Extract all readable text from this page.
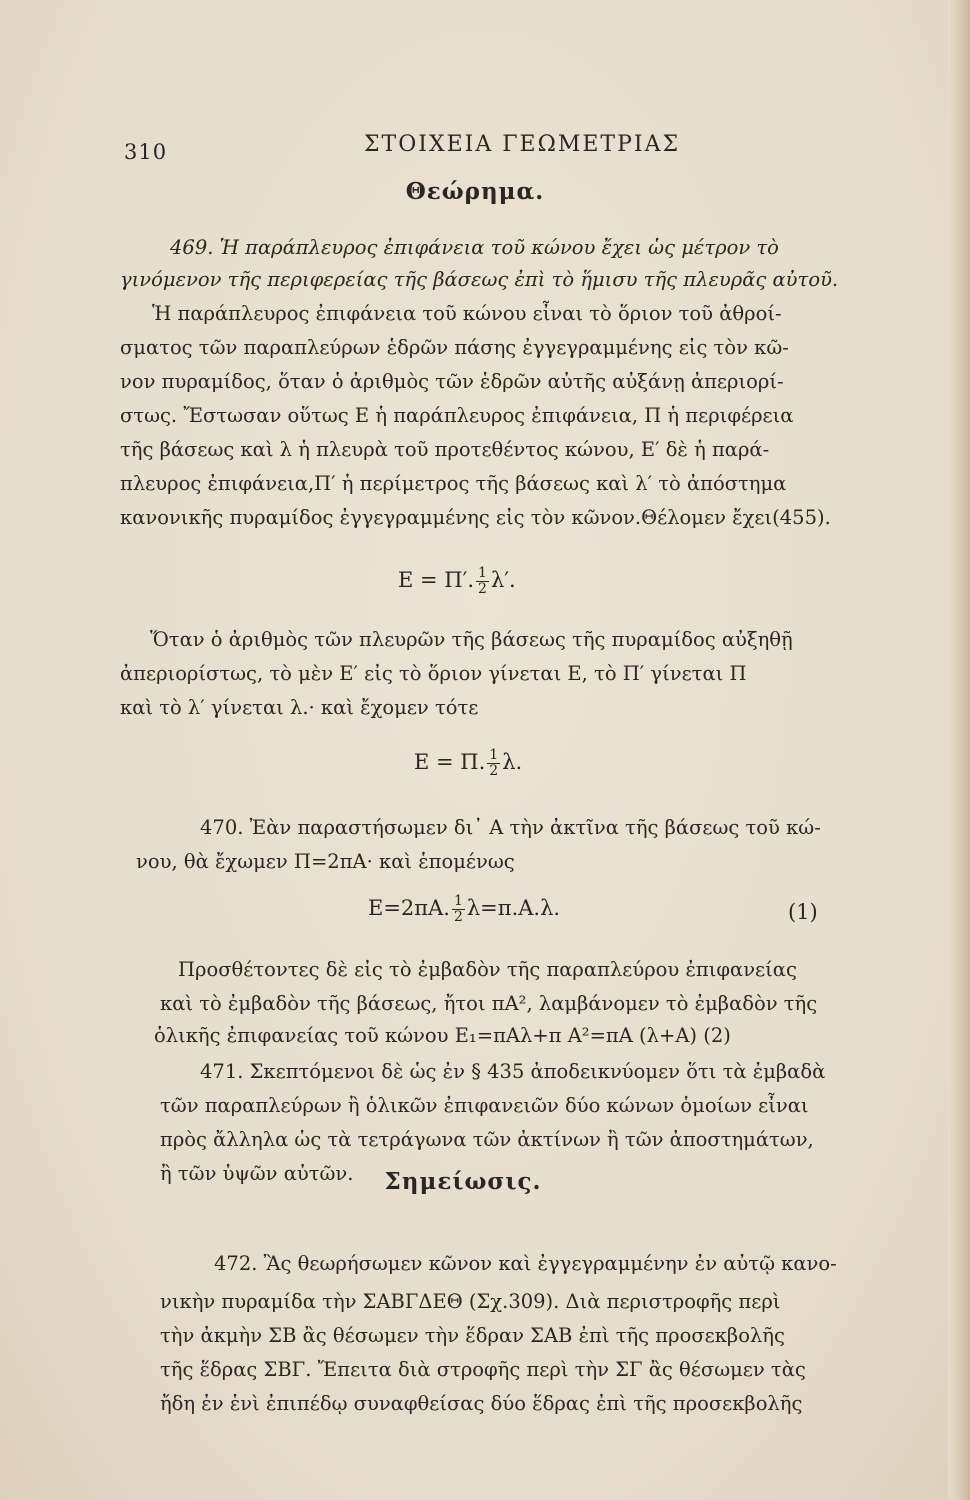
310	ΣΤΟΙΧΕΙΑ ΓΕΩΜΕΤΡΙΑΣ
Θεώρημα.
469. Ἡ παράπλευρος ἐπιφάνεια τοῦ κώνου ἔχει ὡς μέτρον τὸ
γινόμενον τῆς περιφερείας τῆς βάσεως ἐπὶ τὸ ἥμισυ τῆς πλευρᾶς αὐτοῦ.
Ἡ παράπλευρος ἐπιφάνεια τοῦ κώνου εἶναι τὸ ὅριον τοῦ ἀθροί-
σματος τῶν παραπλεύρων ἑδρῶν πάσης ἐγγεγραμμένης εἰς τὸν κῶ-
νον πυραμίδος, ὅταν ὁ ἀριθμὸς τῶν ἑδρῶν αὐτῆς αὐξάνῃ ἀπεριορί-
στως. Ἔστωσαν οὕτως Ε ἡ παράπλευρος ἐπιφάνεια, Π ἡ περιφέρεια
τῆς βάσεως καὶ λ ἡ πλευρὰ τοῦ προτεθέντος κώνου, Ε′ δὲ ἡ παρά-
πλευρος ἐπιφάνεια,Π′ ἡ περίμετρος τῆς βάσεως καὶ λ′ τὸ ἀπόστημα
κανονικῆς πυραμίδος ἐγγεγραμμένης εἰς τὸν κῶνον.Θέλομεν ἔχει(455).
Ε = Π′. $\frac{1}{2} \lambda'$.
Ὅταν ὁ ἀριθμὸς τῶν πλευρῶν τῆς βάσεως τῆς πυραμίδος αὐξηθῇ
ἀπεριορίστως, τὸ μὲν Ε′ εἰς τὸ ὅριον γίνεται Ε, τὸ Π′ γίνεται Π
καὶ τὸ λ′ γίνεται λ.· καὶ ἔχομεν τότε
Ε = Π. $\frac{1}{2} \lambda$.
470. Ἐὰν παραστήσωμεν δι᾽ Α τὴν ἀκτῖνα τῆς βάσεως τοῦ κώ-
νου, θὰ ἔχωμεν Π=2πΑ· καὶ ἑπομένως
Ε=2πΑ. $\frac{1}{2} \lambda=\pi.A.\lambda$.	(1)
Προσθέτοντες δὲ εἰς τὸ ἐμβαδὸν τῆς παραπλεύρου ἐπιφανείας
καὶ τὸ ἐμβαδὸν τῆς βάσεως, ἤτοι πΑ², λαμβάνομεν τὸ ἐμβαδὸν τῆς
ὁλικῆς ἐπιφανείας τοῦ κώνου Ε₁=πΑλ+π Α²=πΑ (λ+Α) (2)
471. Σκεπτόμενοι δὲ ὡς ἐν § 435 ἀποδεικνύομεν ὅτι τὰ ἐμβαδὰ
τῶν παραπλεύρων ἢ ὁλικῶν ἐπιφανειῶν δύο κώνων ὁμοίων εἶναι
πρὸς ἄλληλα ὡς τὰ τετράγωνα τῶν ἀκτίνων ἢ τῶν ἀποστημάτων,
ἢ τῶν ὑψῶν αὐτῶν.	Σημείωσις.
472. Ἂς θεωρήσωμεν κῶνον καὶ ἐγγεγραμμένην ἐν αὐτῷ κανο-
νικὴν πυραμίδα τὴν ΣΑΒΓΔΕΘ (Σχ.309). Διὰ περιστροφῆς περὶ
τὴν ἀκμὴν ΣΒ ἂς θέσωμεν τὴν ἕδραν ΣΑΒ ἐπὶ τῆς προσεκβολῆς
τῆς ἕδρας ΣΒΓ. Ἔπειτα διὰ στροφῆς περὶ τὴν ΣΓ ἂς θέσωμεν τὰς
ἤδη ἐν ἑνὶ ἐπιπέδῳ συναφθείσας δύο ἕδρας ἐπὶ τῆς προσεκβολῆς
